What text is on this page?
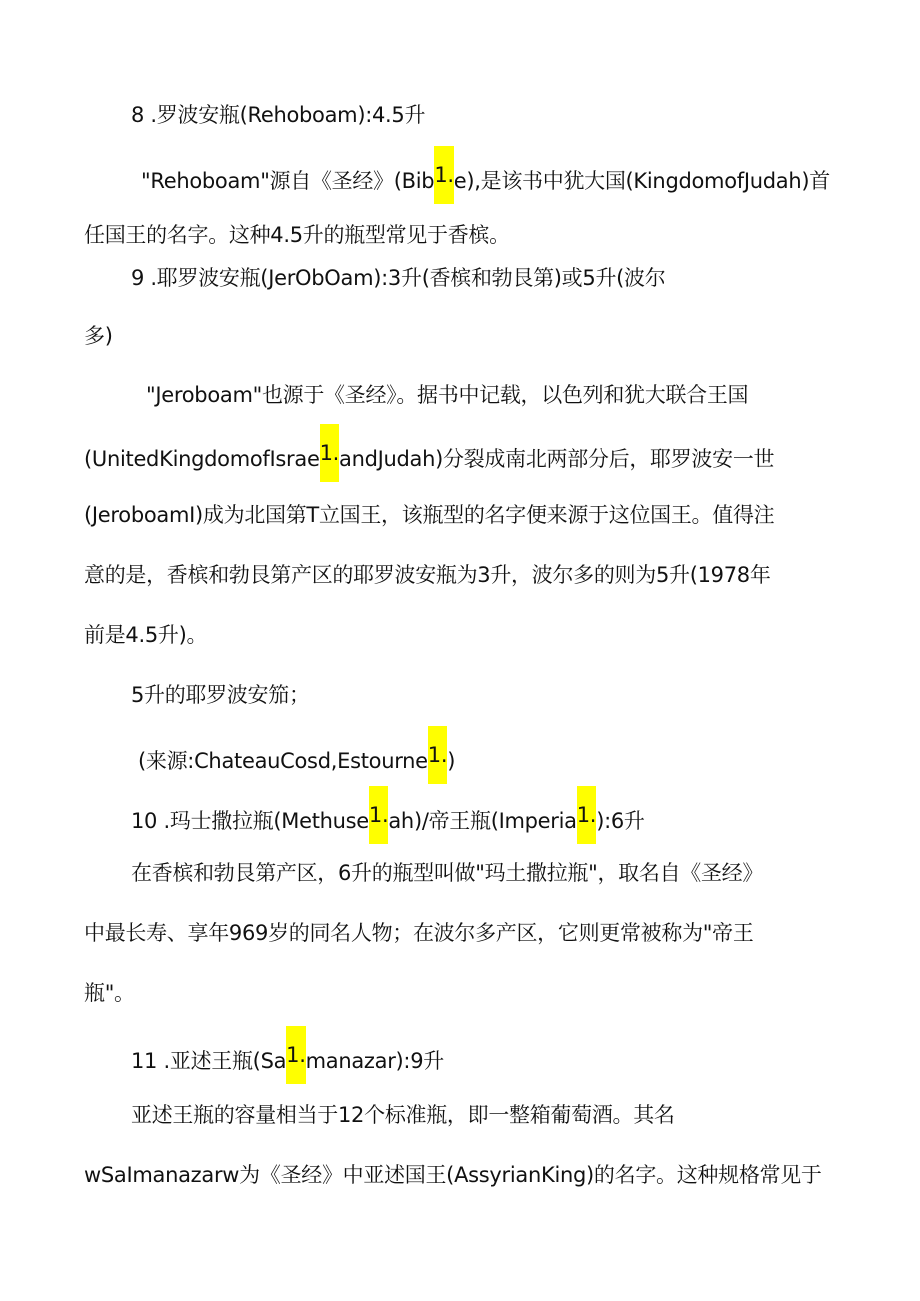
8 .罗波安瓶(Rehoboam):4.5升
"Rehoboam"源自《圣经》(Bib1.e),是该书中犹大国(KingdomofJudah)首
任国王的名字。这种4.5升的瓶型常见于香槟。
9 .耶罗波安瓶(JerObOam):3升(香槟和勃艮第)或5升(波尔
多)
"Jeroboam"也源于《圣经》。据书中记载，以色列和犹大联合王国
(UnitedKingdomofIsrae1.andJudah)分裂成南北两部分后，耶罗波安一世
(JeroboamI)成为北国第T立国王，该瓶型的名字便来源于这位国王。值得注
意的是，香槟和勃艮第产区的耶罗波安瓶为3升，波尔多的则为5升(1978年
前是4.5升)。
5升的耶罗波安笳；
(来源:ChateauCosd,Estourne1.)
10 .玛士撒拉瓶(Methuse1.ah)/帝王瓶(Imperia1.):6升
在香槟和勃艮第产区，6升的瓶型叫做"玛土撒拉瓶"，取名自《圣经》
中最长寿、享年969岁的同名人物；在波尔多产区，它则更常被称为"帝王
瓶"。
11 .亚述王瓶(Sa1.manazar):9升
亚述王瓶的容量相当于12个标准瓶，即一整箱葡萄酒。其名
wSaImanazarw为《圣经》中亚述国王(AssyrianKing)的名字。这种规格常见于
